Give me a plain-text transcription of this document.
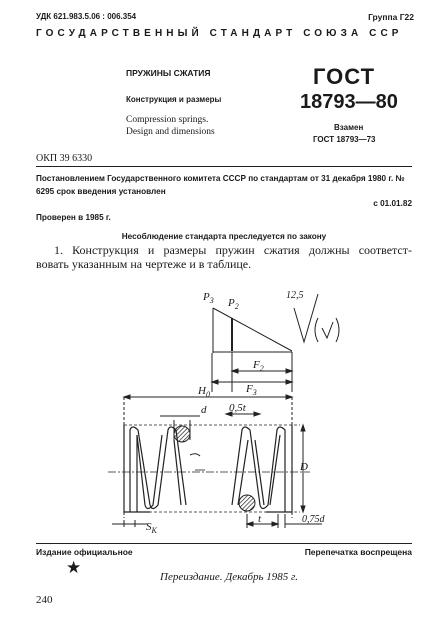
УДК 621.983.5.06 : 006.354	Группа Г22
ГОСУДАРСТВЕННЫЙ СТАНДАРТ СОЮЗА ССР
ПРУЖИНЫ СЖАТИЯ
Конструкция и размеры
Compression springs.
Design and dimensions
ГОСТ
18793—80
Взамен
ГОСТ 18793—73
ОКП 39 6330
Постановлением Государственного комитета СССР по стандартам от 31 декабря 1980 г. № 6295 срок введения установлен
с 01.01.82
Проверен в 1985 г.
Несоблюдение стандарта преследуется по закону
1. Конструкция и размеры пружин сжатия должны соответст-
вовать указанным на чертеже и в таблице.
$P_3$ $P_2$
12,5
$F_2$
$F_3$
$H_0$
d 0,5t
D
$S_K$
t	0,75d
Издание официальное	Перепечатка воспрещена
★	Переиздание. Декабрь 1985 г.
240
